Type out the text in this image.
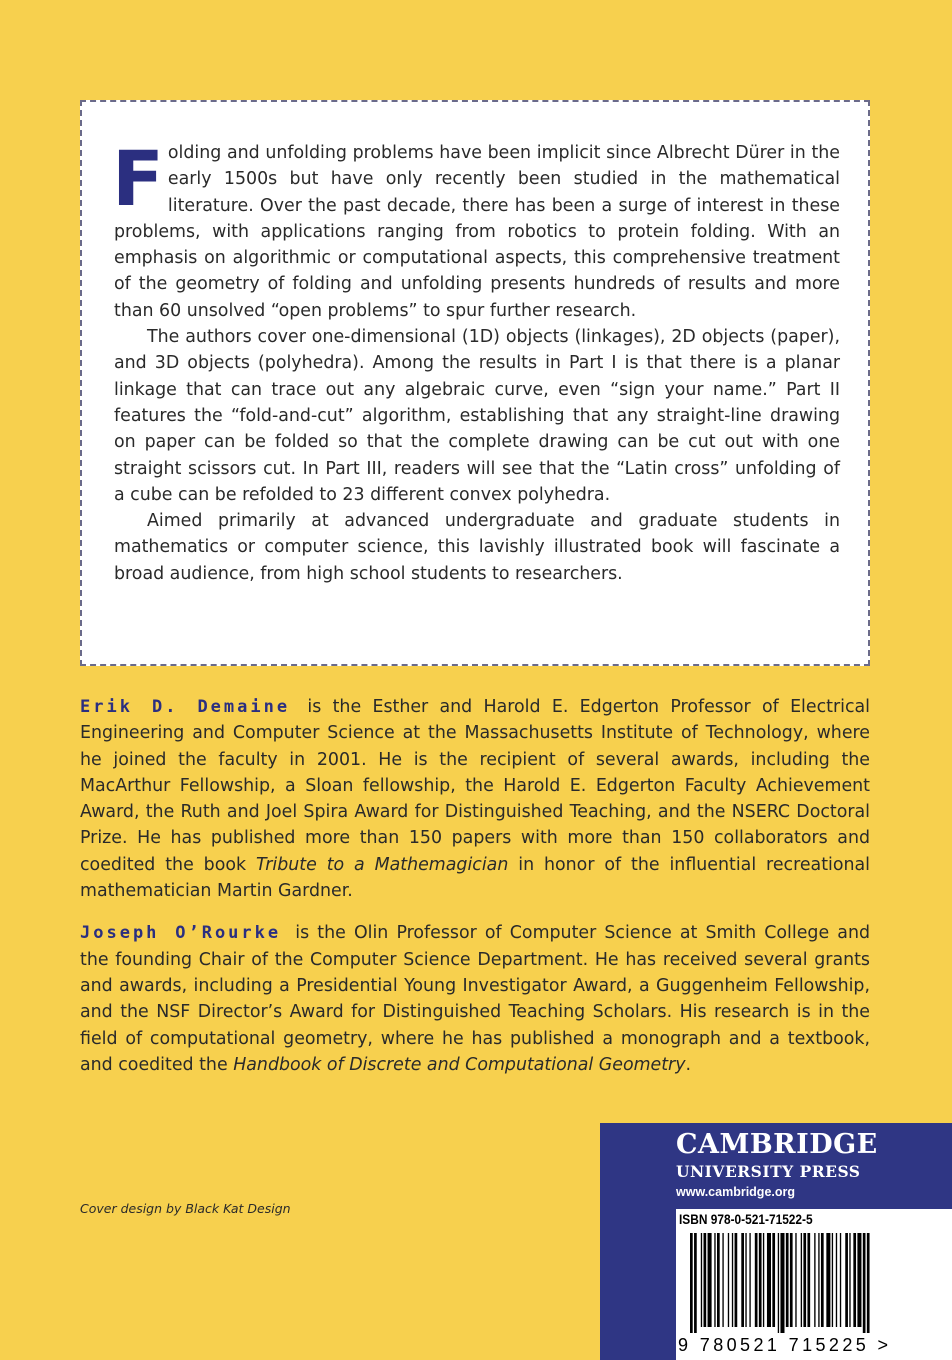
Folding and unfolding problems have been implicit since Albrecht Dürer in the early 1500s but have only recently been studied in the mathematical literature. Over the past decade, there has been a surge of interest in these problems, with applications ranging from robotics to protein folding. With an emphasis on algorithmic or computational aspects, this comprehensive treatment of the geometry of folding and unfolding presents hundreds of results and more than 60 unsolved “open problems” to spur further research.

The authors cover one-dimensional (1D) objects (linkages), 2D objects (paper), and 3D objects (polyhedra). Among the results in Part I is that there is a planar linkage that can trace out any algebraic curve, even “sign your name.” Part II features the “fold-and-cut” algorithm, establishing that any straight-line drawing on paper can be folded so that the complete drawing can be cut out with one straight scissors cut. In Part III, readers will see that the “Latin cross” unfolding of a cube can be refolded to 23 different convex polyhedra.

Aimed primarily at advanced undergraduate and graduate students in mathematics or computer science, this lavishly illustrated book will fascinate a broad audience, from high school students to researchers.

Erik D. Demaine is the Esther and Harold E. Edgerton Professor of Electrical Engineering and Computer Science at the Massachusetts Institute of Technology, where he joined the faculty in 2001. He is the recipient of several awards, including the MacArthur Fellowship, a Sloan fellowship, the Harold E. Edgerton Faculty Achievement Award, the Ruth and Joel Spira Award for Distinguished Teaching, and the NSERC Doctoral Prize. He has published more than 150 papers with more than 150 collaborators and coedited the book Tribute to a Mathemagician in honor of the influential recreational mathematician Martin Gardner.

Joseph O’Rourke is the Olin Professor of Computer Science at Smith College and the founding Chair of the Computer Science Department. He has received several grants and awards, including a Presidential Young Investigator Award, a Guggenheim Fellowship, and the NSF Director’s Award for Distinguished Teaching Scholars. His research is in the field of computational geometry, where he has published a monograph and a textbook, and coedited the Handbook of Discrete and Computational Geometry.

Cover design by Black Kat Design
CAMBRIDGE
UNIVERSITY PRESS
www.cambridge.org
ISBN 978-0-521-71522-5
9 780521 715225 >
